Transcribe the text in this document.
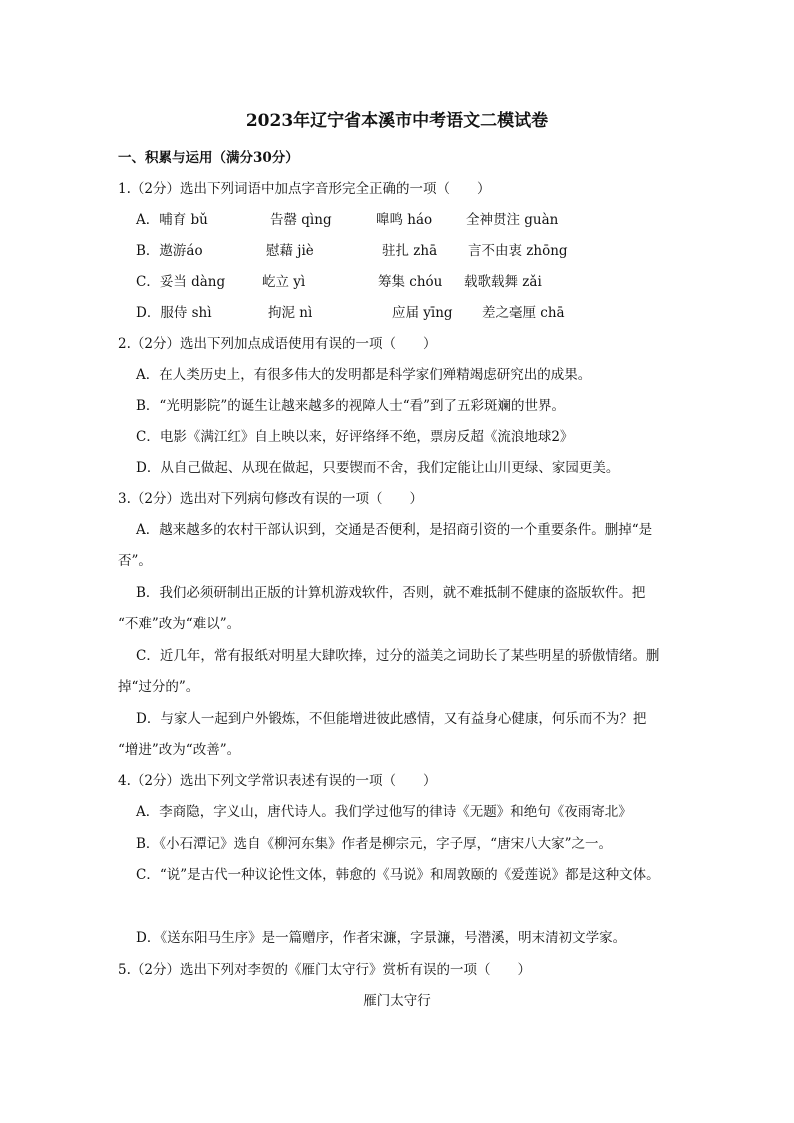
2023年辽宁省本溪市中考语文二模试卷
一、积累与运用（满分30分）
1.（2分）选出下列词语中加点字音形完全正确的一项（　　）
A．哺育 bǔ	告罄 qìng	嘷鸣 háo	全神贯注 guàn
B．遨游áo	慰藉 jiè	驻扎 zhā 言不由衷 zhōng
C．妥当 dàng	屹立 yì	筹集 chóu 载歌载舞 zǎi
D．服侍 shì	拘泥 nì	应届 yīng 差之毫厘 chā
2.（2分）选出下列加点成语使用有误的一项（　　）
A．在人类历史上，有很多伟大的发明都是科学家们殚精竭虑研究出的成果。
B．“光明影院”的诞生让越来越多的视障人士“看”到了五彩斑斓的世界。
C．电影《满江红》自上映以来，好评络绎不绝，票房反超《流浪地球2》
D．从自己做起、从现在做起，只要锲而不舍，我们定能让山川更绿、家园更美。
3.（2分）选出对下列病句修改有误的一项（　　）
A．越来越多的农村干部认识到，交通是否便利，是招商引资的一个重要条件。删掉“是
否”。
B．我们必须研制出正版的计算机游戏软件，否则，就不难抵制不健康的盗版软件。把
“不难”改为“难以”。
C．近几年，常有报纸对明星大肆吹捧，过分的溢美之词助长了某些明星的骄傲情绪。删
掉“过分的”。
D．与家人一起到户外锻炼，不但能增进彼此感情，又有益身心健康，何乐而不为？把
“增进”改为“改善”。
4.（2分）选出下列文学常识表述有误的一项（　　）
A．李商隐，字义山，唐代诗人。我们学过他写的律诗《无题》和绝句《夜雨寄北》
B．《小石潭记》选自《柳河东集》作者是柳宗元，字子厚，“唐宋八大家”之一。
C．“说”是古代一种议论性文体，韩愈的《马说》和周敦颐的《爱莲说》都是这种文体。
D．《送东阳马生序》是一篇赠序，作者宋濂，字景濂，号潜溪，明末清初文学家。
5.（2分）选出下列对李贺的《雁门太守行》赏析有误的一项（　　）
雁门太守行
